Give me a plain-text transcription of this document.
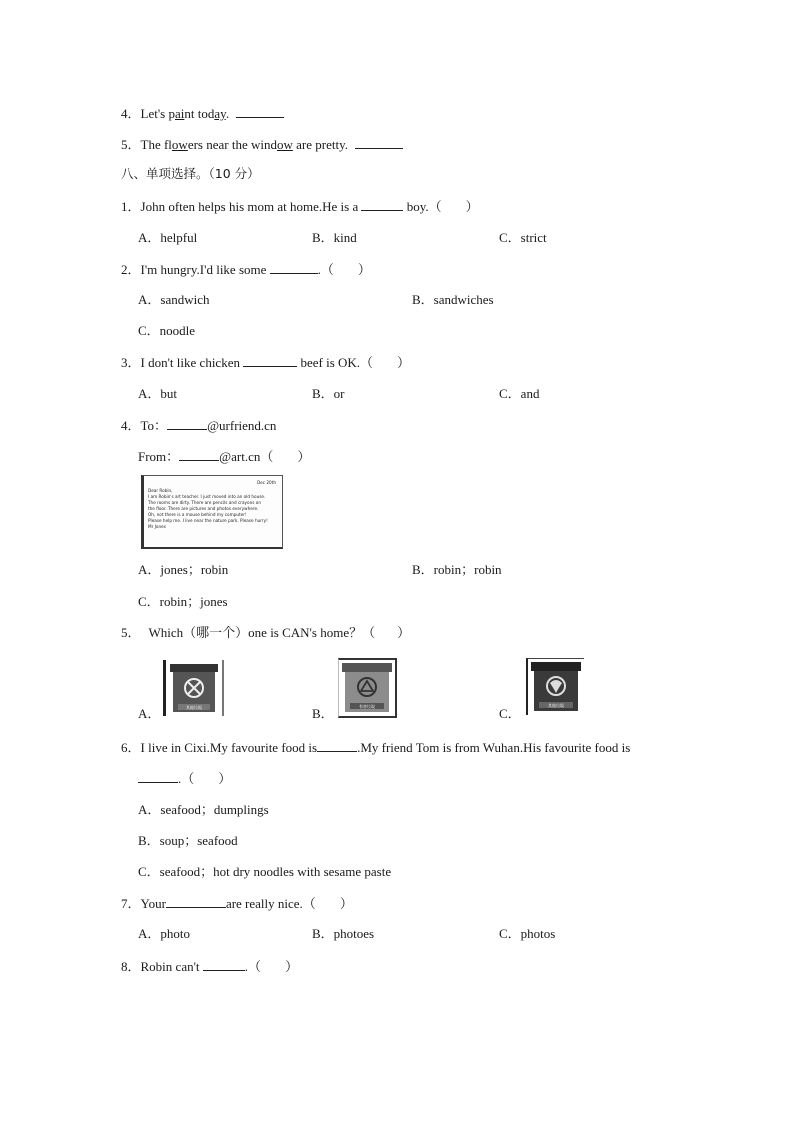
4．Let's paint today.
5．The flowers near the window are pretty.
八、单项选择。（10 分）
1．John often helps his mom at home.He is a	boy.（ ）
A．helpful	B．kind	C．strict
2．I'm hungry.I'd like some	.（ ）
A．sandwich	B．sandwiches
C．noodle
3．I don't like chicken	beef is OK.（ ）
A．but	B．or	C．and
4．To：	@urfriend.cn
From：	@art.cn（ ）
Dec 20th
Dear Robin,
I am Robin's art teacher. I just moved into an old house.
The rooms are dirty. There are pencils and crayons on
the floor. There are pictures and photos everywhere.
Oh, not there is a mouse behind my computer!
Please help me. I live near the nature park. Please hurry!
Mr Jones
A．jones；robin	B．robin；robin
C．robin；jones
5． Which（哪一个）one is CAN's home？（ ）
A．	其他垃圾	B．	有害垃圾	C．
其他垃圾
6．I live in Cixi.My favourite food is	.My friend Tom is from Wuhan.His favourite food is
.（ ）
A．seafood；dumplings
B．soup；seafood
C．seafood；hot dry noodles with sesame paste
7．Your	are really nice.（ ）
A．photo	B．photoes	C．photos
8．Robin can't	.（ ）
